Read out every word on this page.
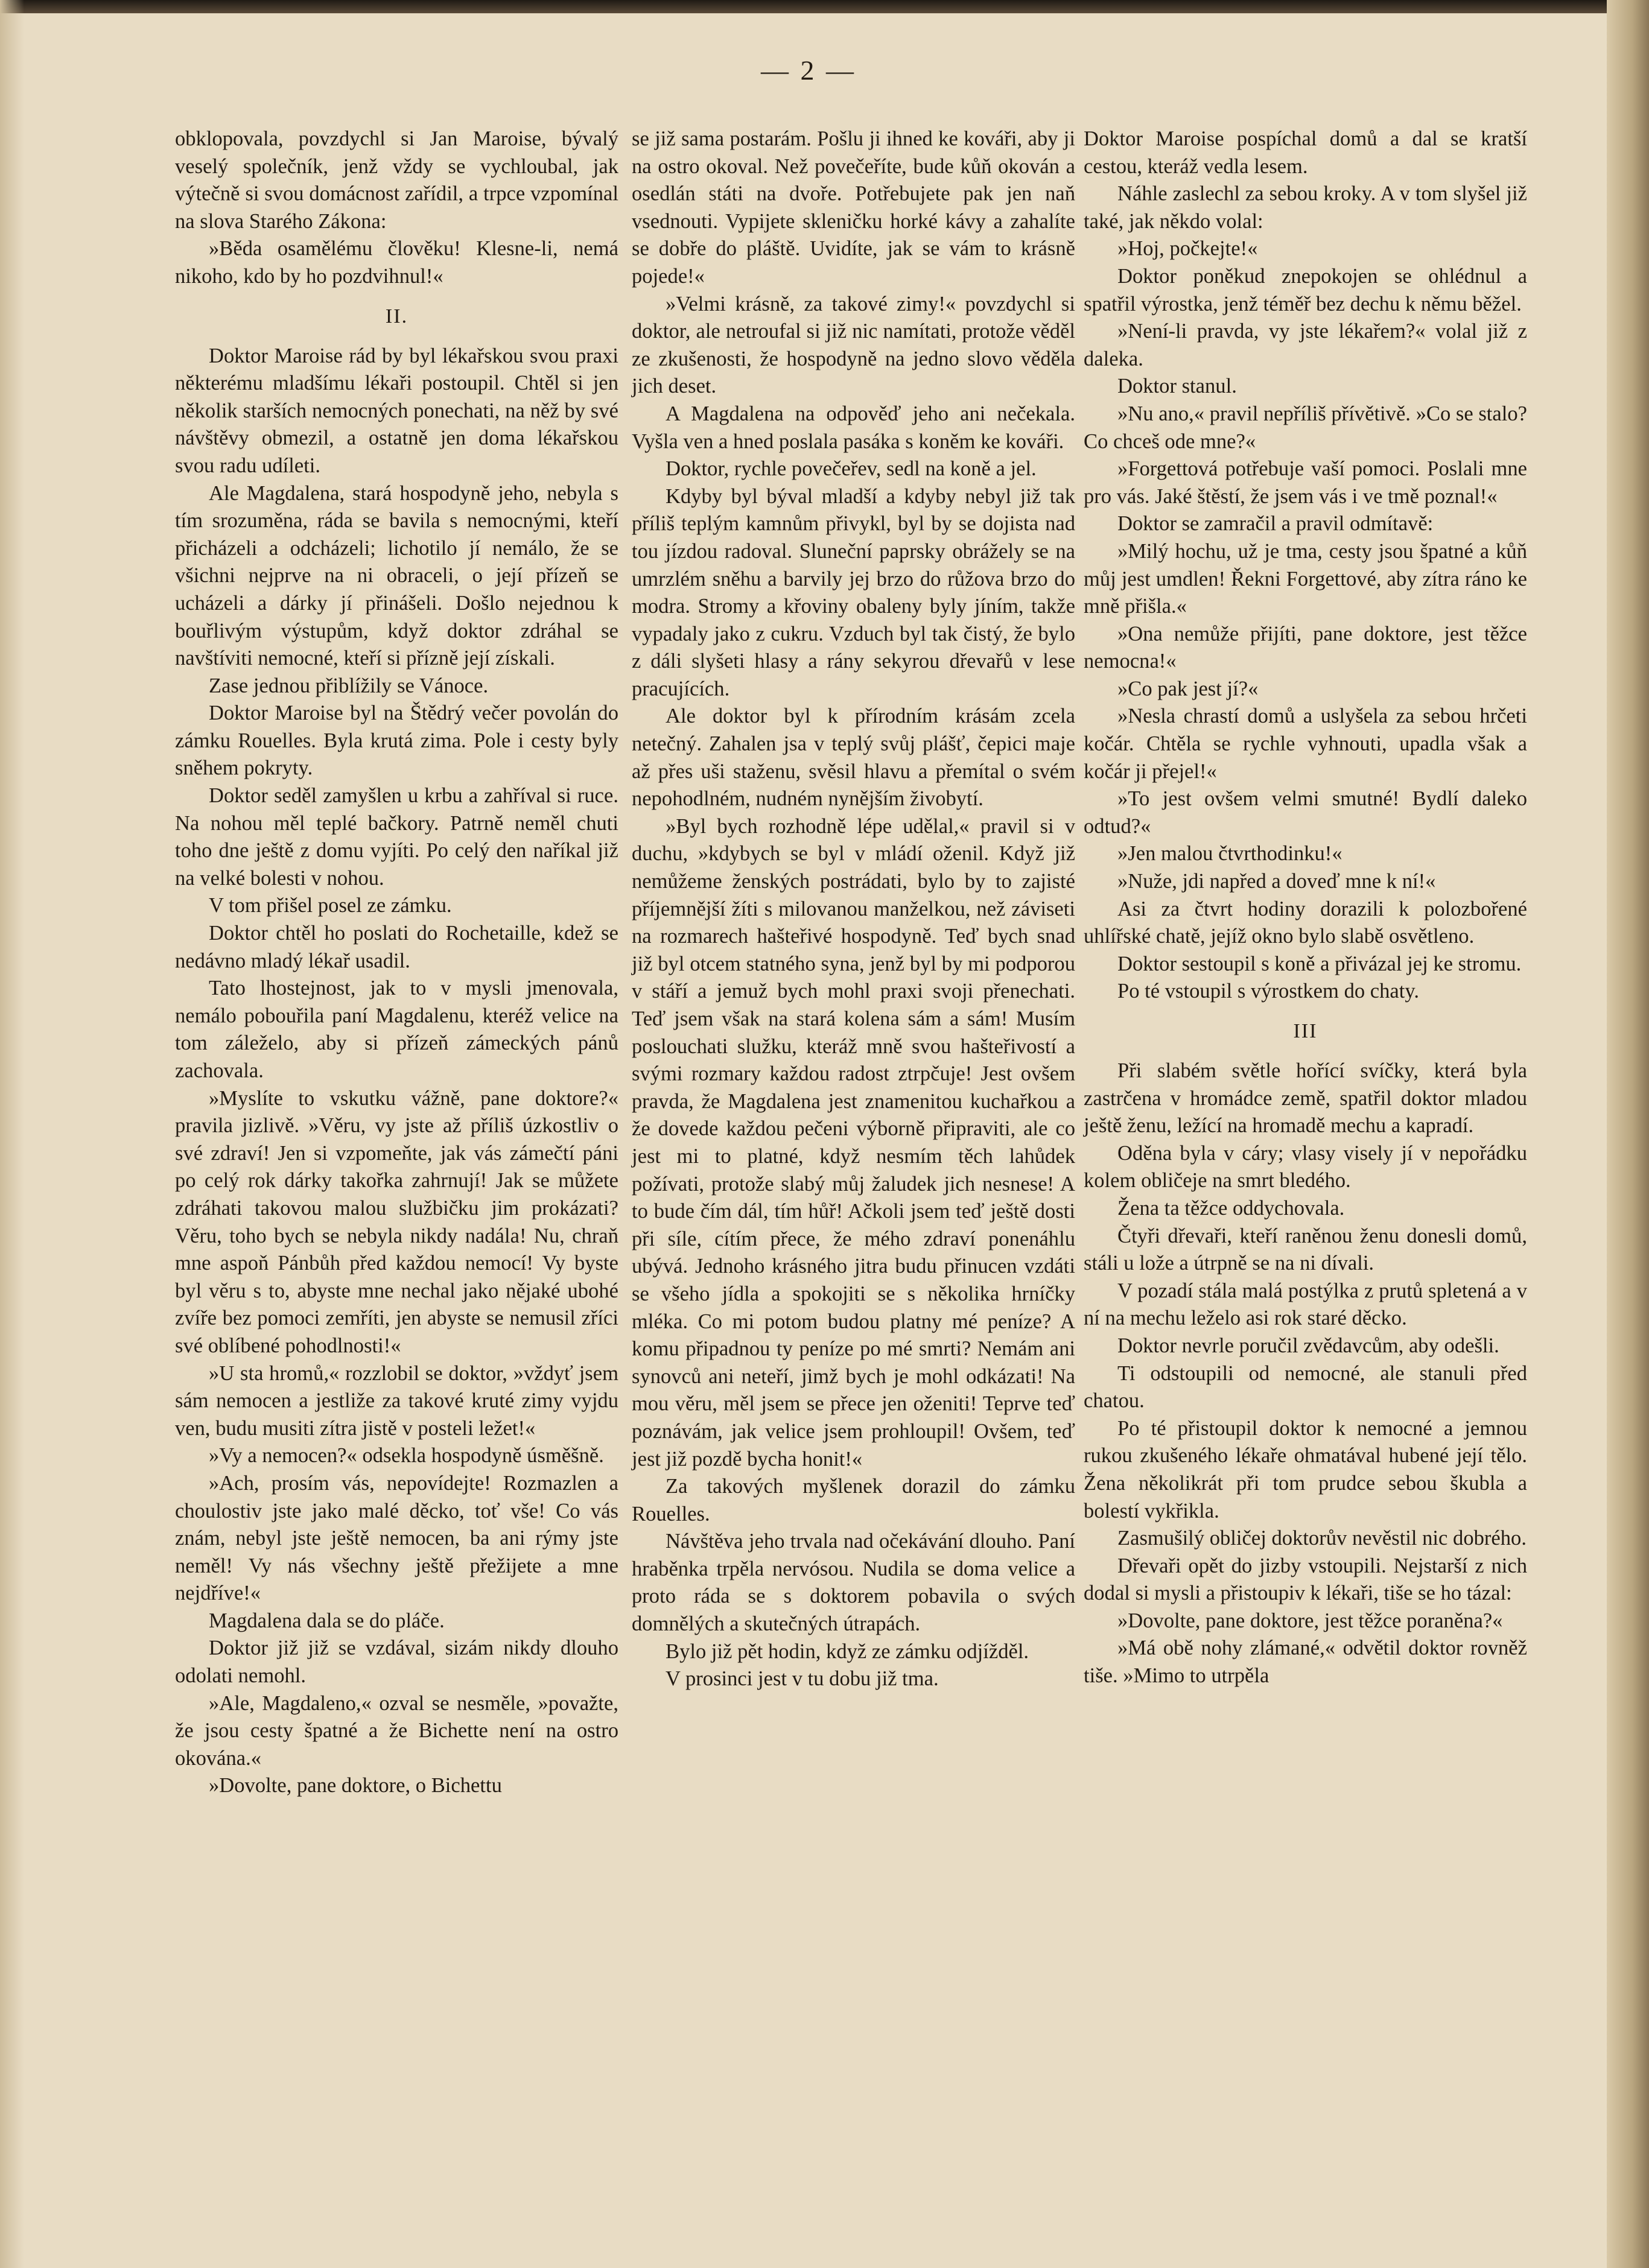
— 2 —

obklopovala, povzdychl si Jan Maroise, bývalý veselý společník, jenž vždy se vychloubal, jak výtečně si svou domácnost zařídil, a trpce vzpomínal na slova Starého Zákona:

»Běda osamělému člověku! Klesne-li, nemá nikoho, kdo by ho pozdvihnul!«

II.

Doktor Maroise rád by byl lékařskou svou praxi některému mladšímu lékaři postoupil. Chtěl si jen několik starších nemocných ponechati, na něž by své návštěvy obmezil, a ostatně jen doma lékařskou svou radu udíleti.

Ale Magdalena, stará hospodyně jeho, nebyla s tím srozuměna, ráda se bavila s nemocnými, kteří přicházeli a odcházeli; lichotilo jí nemálo, že se všichni nejprve na ni obraceli, o její přízeň se ucházeli a dárky jí přinášeli. Došlo nejednou k bouřlivým výstupům, když doktor zdráhal se navštíviti nemocné, kteří si přízně její získali.

Zase jednou přiblížily se Vánoce.

Doktor Maroise byl na Štědrý večer povolán do zámku Rouelles. Byla krutá zima. Pole i cesty byly sněhem pokryty.

Doktor seděl zamyšlen u krbu a zahříval si ruce. Na nohou měl teplé bačkory. Patrně neměl chuti toho dne ještě z domu vyjíti. Po celý den naříkal již na velké bolesti v nohou.

V tom přišel posel ze zámku.

Doktor chtěl ho poslati do Rochetaille, kdež se nedávno mladý lékař usadil.

Tato lhostejnost, jak to v mysli jmenovala, nemálo pobouřila paní Magdalenu, kteréž velice na tom záleželo, aby si přízeň zámeckých pánů zachovala.

»Myslíte to vskutku vážně, pane doktore?« pravila jizlivě. »Věru, vy jste až příliš úzkostliv o své zdraví! Jen si vzpomeňte, jak vás zámečtí páni po celý rok dárky takořka zahrnují! Jak se můžete zdráhati takovou malou službičku jim prokázati? Věru, toho bych se nebyla nikdy nadála! Nu, chraň mne aspoň Pánbůh před každou nemocí! Vy byste byl věru s to, abyste mne nechal jako nějaké ubohé zvíře bez pomoci zemříti, jen abyste se nemusil zříci své oblíbené pohodlnosti!«

»U sta hromů,« rozzlobil se doktor, »vždyť jsem sám nemocen a jestliže za takové kruté zimy vyjdu ven, budu musiti zítra jistě v posteli ležet!«

»Vy a nemocen?« odsekla hospodyně úsměšně.

»Ach, prosím vás, nepovídejte! Rozmazlen a choulostiv jste jako malé děcko, toť vše! Co vás znám, nebyl jste ještě nemocen, ba ani rýmy jste neměl! Vy nás všechny ještě přežijete a mne nejdříve!«

Magdalena dala se do pláče.

Doktor již již se vzdával, sizám nikdy dlouho odolati nemohl.

»Ale, Magdaleno,« ozval se nesměle, »považte, že jsou cesty špatné a že Bichette není na ostro okována.«

»Dovolte, pane doktore, o Bichettu

se již sama postarám. Pošlu ji ihned ke kováři, aby ji na ostro okoval. Než povečeříte, bude kůň okován a osedlán státi na dvoře. Potřebujete pak jen naň vsednouti. Vypijete skleničku horké kávy a zahalíte se dobře do pláště. Uvidíte, jak se vám to krásně pojede!«

»Velmi krásně, za takové zimy!« povzdychl si doktor, ale netroufal si již nic namítati, protože věděl ze zkušenosti, že hospodyně na jedno slovo věděla jich deset.

A Magdalena na odpověď jeho ani nečekala. Vyšla ven a hned poslala pasáka s koněm ke kováři.

Doktor, rychle povečeřev, sedl na koně a jel.

Kdyby byl býval mladší a kdyby nebyl již tak příliš teplým kamnům přivykl, byl by se dojista nad tou jízdou radoval. Sluneční paprsky obrážely se na umrzlém sněhu a barvily jej brzo do růžova brzo do modra. Stromy a křoviny obaleny byly jíním, takže vypadaly jako z cukru. Vzduch byl tak čistý, že bylo z dáli slyšeti hlasy a rány sekyrou dřevařů v lese pracujících.

Ale doktor byl k přírodním krásám zcela netečný. Zahalen jsa v teplý svůj plášť, čepici maje až přes uši staženu, svěsil hlavu a přemítal o svém nepohodlném, nudném nynějším živobytí.

»Byl bych rozhodně lépe udělal,« pravil si v duchu, »kdybych se byl v mládí oženil. Když již nemůžeme ženských postrádati, bylo by to zajisté příjemnější žíti s milovanou manželkou, než záviseti na rozmarech hašteřivé hospodyně. Teď bych snad již byl otcem statného syna, jenž byl by mi podporou v stáří a jemuž bych mohl praxi svoji přenechati. Teď jsem však na stará kolena sám a sám! Musím poslouchati služku, kteráž mně svou hašteřivostí a svými rozmary každou radost ztrpčuje! Jest ovšem pravda, že Magdalena jest znamenitou kuchařkou a že dovede každou pečeni výborně připraviti, ale co jest mi to platné, když nesmím těch lahůdek požívati, protože slabý můj žaludek jich nesnese! A to bude čím dál, tím hůř! Ačkoli jsem teď ještě dosti při síle, cítím přece, že mého zdraví ponenáhlu ubývá. Jednoho krásného jitra budu přinucen vzdáti se všeho jídla a spokojiti se s několika hrníčky mléka. Co mi potom budou platny mé peníze? A komu připadnou ty peníze po mé smrti? Nemám ani synovců ani neteří, jimž bych je mohl odkázati! Na mou věru, měl jsem se přece jen oženiti! Teprve teď poznávám, jak velice jsem prohloupil! Ovšem, teď jest již pozdě bycha honit!«

Za takových myšlenek dorazil do zámku Rouelles.

Návštěva jeho trvala nad očekávání dlouho. Paní hraběnka trpěla nervósou. Nudila se doma velice a proto ráda se s doktorem pobavila o svých domnělých a skutečných útrapách.

Bylo již pět hodin, když ze zámku odjížděl.

V prosinci jest v tu dobu již tma.

Doktor Maroise pospíchal domů a dal se kratší cestou, kteráž vedla lesem.

Náhle zaslechl za sebou kroky. A v tom slyšel již také, jak někdo volal:

»Hoj, počkejte!«

Doktor poněkud znepokojen se ohlédnul a spatřil výrostka, jenž téměř bez dechu k němu běžel.

»Není-li pravda, vy jste lékařem?« volal již z daleka.

Doktor stanul.

»Nu ano,« pravil nepříliš přívětivě. »Co se stalo? Co chceš ode mne?«

»Forgettová potřebuje vaší pomoci. Poslali mne pro vás. Jaké štěstí, že jsem vás i ve tmě poznal!«

Doktor se zamračil a pravil odmítavě:

»Milý hochu, už je tma, cesty jsou špatné a kůň můj jest umdlen! Řekni Forgettové, aby zítra ráno ke mně přišla.«

»Ona nemůže přijíti, pane doktore, jest těžce nemocna!«

»Co pak jest jí?«

»Nesla chrastí domů a uslyšela za sebou hrčeti kočár. Chtěla se rychle vyhnouti, upadla však a kočár ji přejel!«

»To jest ovšem velmi smutné! Bydlí daleko odtud?«

»Jen malou čtvrthodinku!«

»Nuže, jdi napřed a doveď mne k ní!«

Asi za čtvrt hodiny dorazili k polozbořené uhlířské chatě, jejíž okno bylo slabě osvětleno.

Doktor sestoupil s koně a přivázal jej ke stromu.

Po té vstoupil s výrostkem do chaty.

III

Při slabém světle hořící svíčky, která byla zastrčena v hromádce země, spatřil doktor mladou ještě ženu, ležící na hromadě mechu a kapradí.

Oděna byla v cáry; vlasy visely jí v nepořádku kolem obličeje na smrt bledého.

Žena ta těžce oddychovala.

Čtyři dřevaři, kteří raněnou ženu donesli domů, stáli u lože a útrpně se na ni dívali.

V pozadí stála malá postýlka z prutů spletená a v ní na mechu leželo asi rok staré děcko.

Doktor nevrle poručil zvědavcům, aby odešli.

Ti odstoupili od nemocné, ale stanuli před chatou.

Po té přistoupil doktor k nemocné a jemnou rukou zkušeného lékaře ohmatával hubené její tělo. Žena několikrát při tom prudce sebou škubla a bolestí vykřikla.

Zasmušilý obličej doktorův nevěstil nic dobrého.

Dřevaři opět do jizby vstoupili. Nejstarší z nich dodal si mysli a přistoupiv k lékaři, tiše se ho tázal:

»Dovolte, pane doktore, jest těžce poraněna?«

»Má obě nohy zlámané,« odvětil doktor rovněž tiše. »Mimo to utrpěla
